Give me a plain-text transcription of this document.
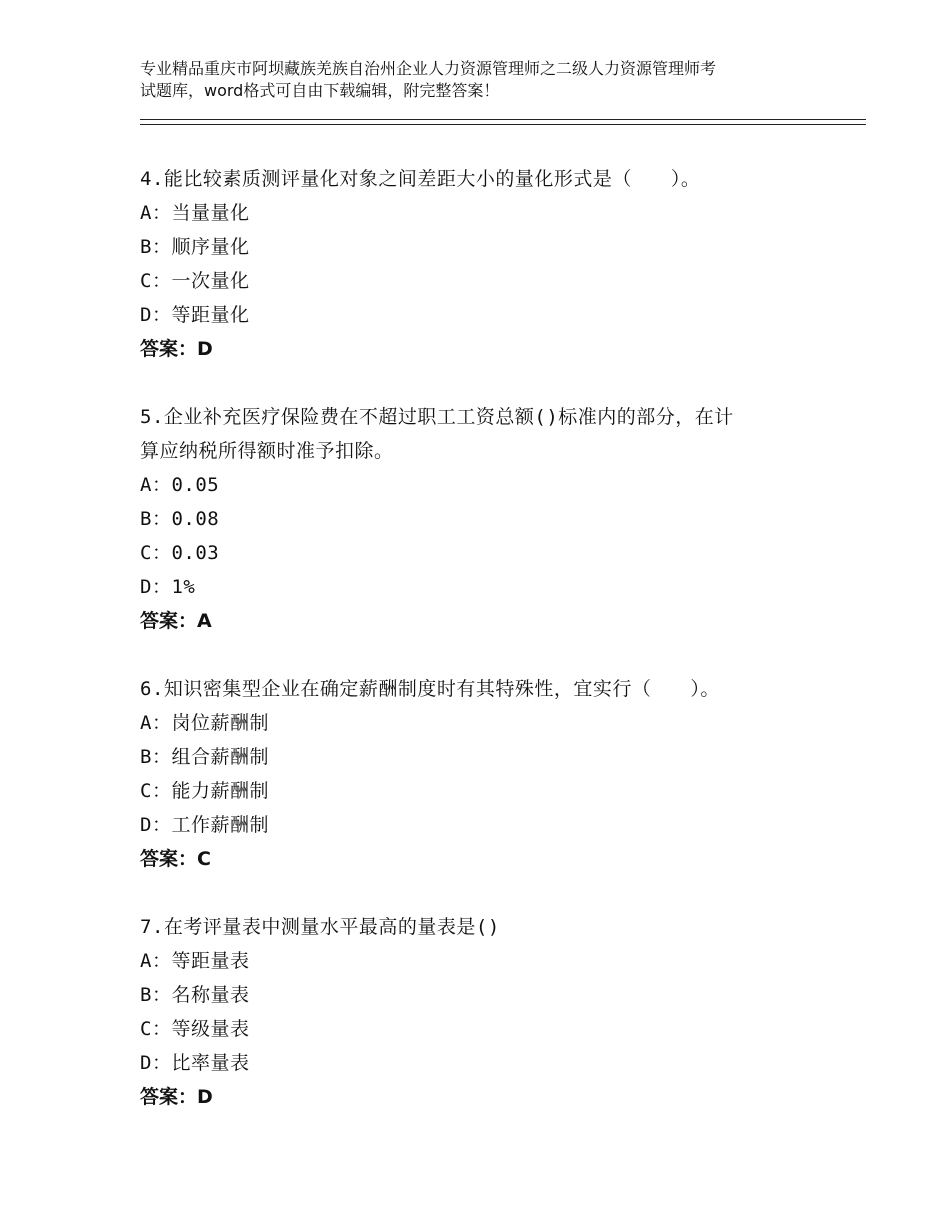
专业精品重庆市阿坝藏族羌族自治州企业人力资源管理师之二级人力资源管理师考
试题库，word格式可自由下载编辑，附完整答案！

4.能比较素质测评量化对象之间差距大小的量化形式是（　　）。

A：当量量化

B：顺序量化

C：一次量化

D：等距量化

答案：D

5.企业补充医疗保险费在不超过职工工资总额()标准内的部分，在计
算应纳税所得额时准予扣除。

A：0.05

B：0.08

C：0.03

D：1%

答案：A

6.知识密集型企业在确定薪酬制度时有其特殊性，宜实行（　　）。

A：岗位薪酬制

B：组合薪酬制

C：能力薪酬制

D：工作薪酬制

答案：C

7.在考评量表中测量水平最高的量表是()

A：等距量表

B：名称量表

C：等级量表

D：比率量表

答案：D
